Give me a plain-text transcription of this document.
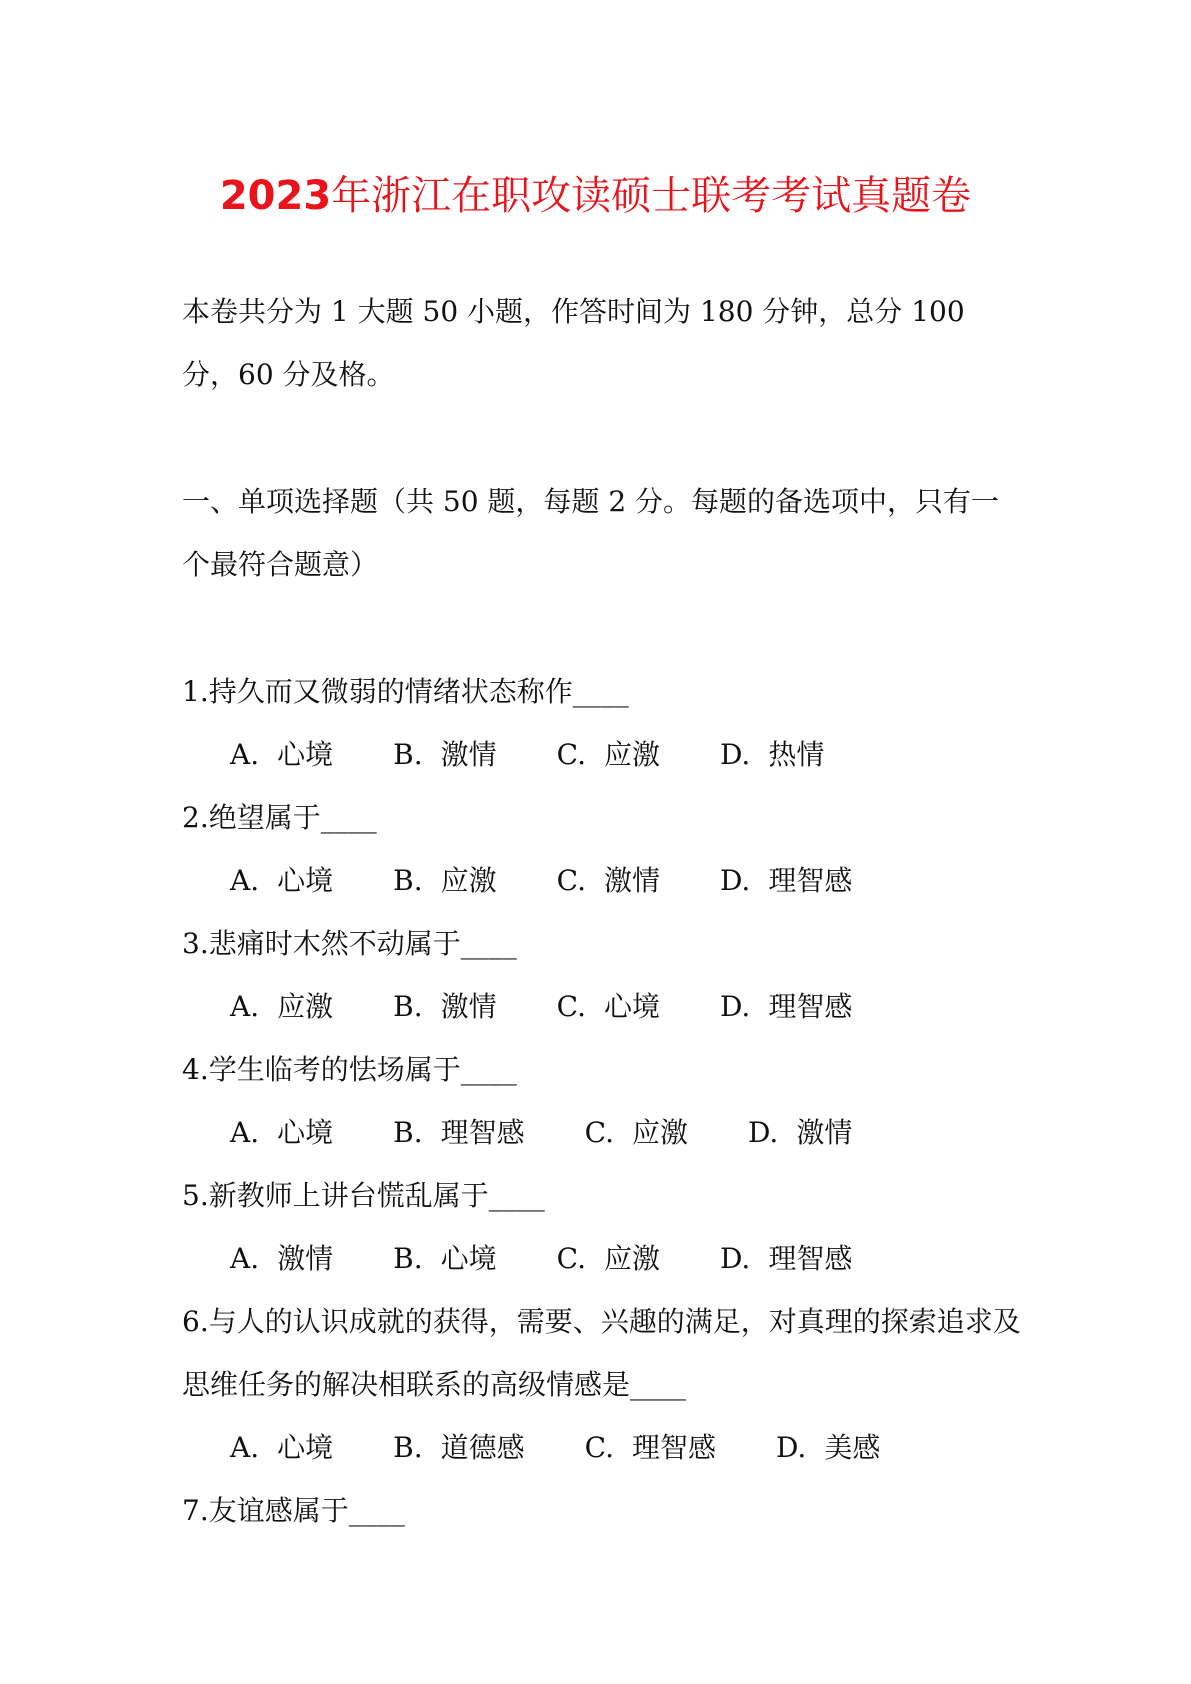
2023年浙江在职攻读硕士联考考试真题卷
本卷共分为 1 大题 50 小题，作答时间为 180 分钟，总分 100 分，60 分及格。
一、单项选择题（共 50 题，每题 2 分。每题的备选项中，只有一个最符合题意）
1.持久而又微弱的情绪状态称作____
A. 心境 B. 激情 C. 应激 D. 热情
2.绝望属于____
A. 心境 B. 应激 C. 激情 D. 理智感
3.悲痛时木然不动属于____
A. 应激 B. 激情 C. 心境 D. 理智感
4.学生临考的怯场属于____
A. 心境 B. 理智感 C. 应激 D. 激情
5.新教师上讲台慌乱属于____
A. 激情 B. 心境 C. 应激 D. 理智感
6.与人的认识成就的获得，需要、兴趣的满足，对真理的探索追求及思维任务的解决相联系的高级情感是____
A. 心境 B. 道德感 C. 理智感 D. 美感
7.友谊感属于____
